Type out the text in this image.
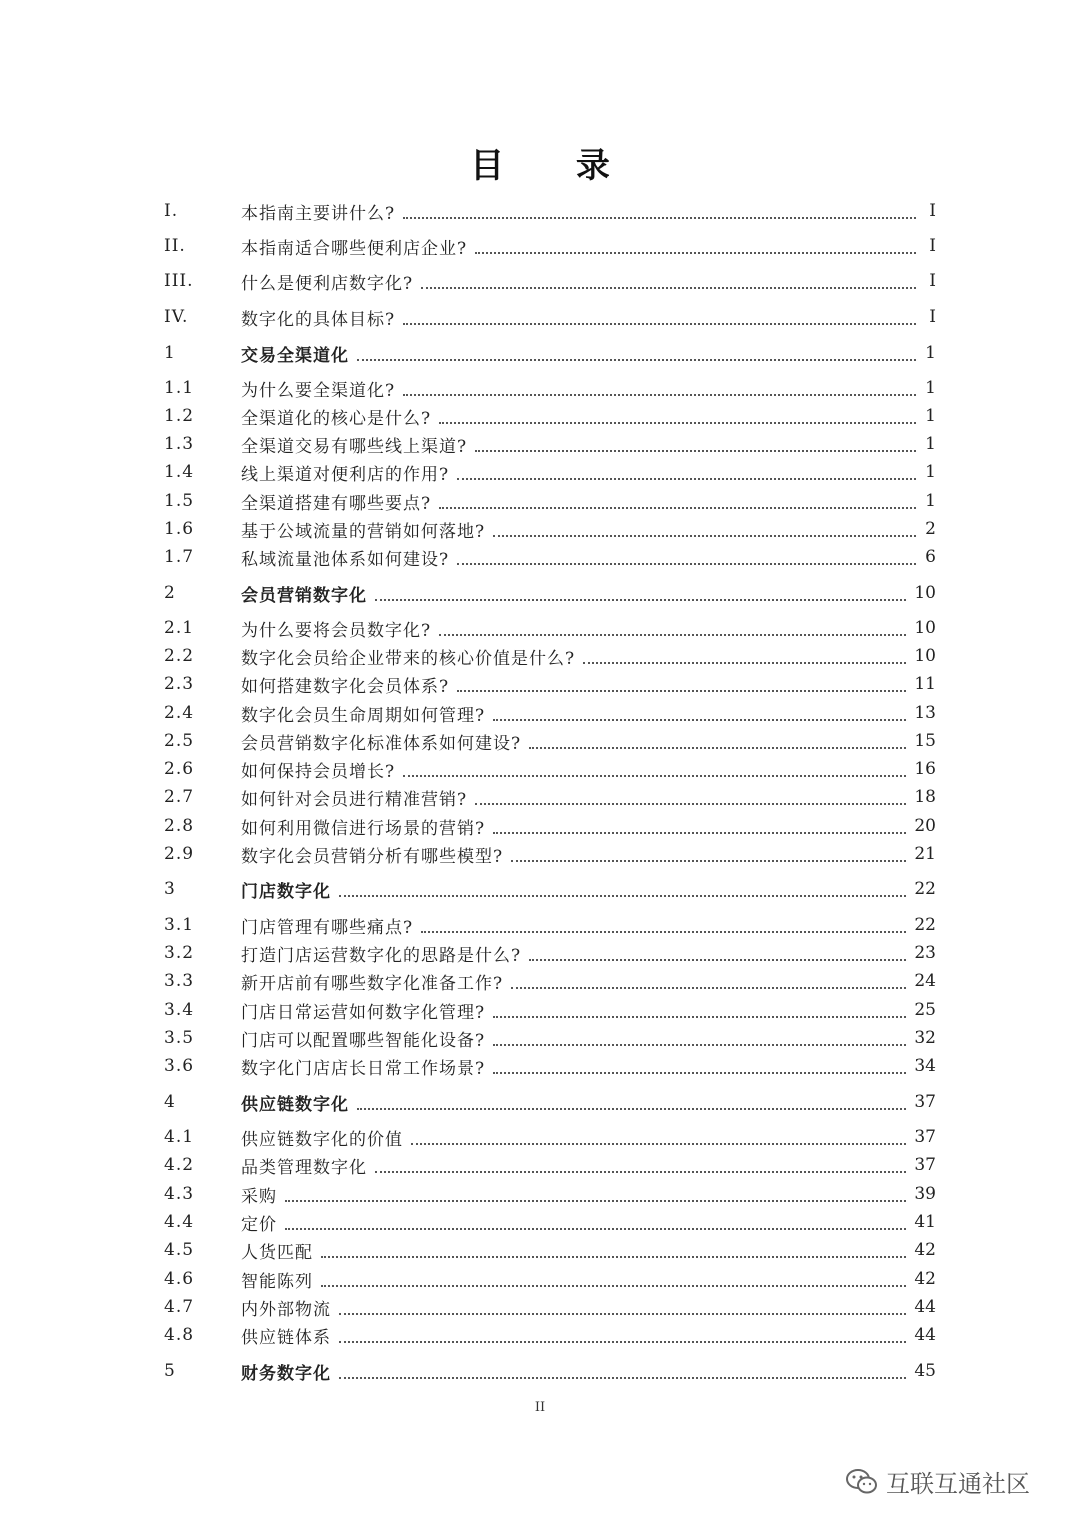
目 录
I.	本指南主要讲什么?	I
II.	本指南适合哪些便利店企业?	I
III.	什么是便利店数字化?	I
IV.	数字化的具体目标?	I
1	交易全渠道化	1
1.1	为什么要全渠道化?	1
1.2	全渠道化的核心是什么?	1
1.3	全渠道交易有哪些线上渠道?	1
1.4	线上渠道对便利店的作用?	1
1.5	全渠道搭建有哪些要点?	1
1.6	基于公域流量的营销如何落地?	2
1.7	私域流量池体系如何建设?	6
2	会员营销数字化	10
2.1	为什么要将会员数字化?	10
2.2	数字化会员给企业带来的核心价值是什么?	10
2.3	如何搭建数字化会员体系?	11
2.4	数字化会员生命周期如何管理?	13
2.5	会员营销数字化标准体系如何建设?	15
2.6	如何保持会员增长?	16
2.7	如何针对会员进行精准营销?	18
2.8	如何利用微信进行场景的营销?	20
2.9	数字化会员营销分析有哪些模型?	21
3	门店数字化	22
3.1	门店管理有哪些痛点?	22
3.2	打造门店运营数字化的思路是什么?	23
3.3	新开店前有哪些数字化准备工作?	24
3.4	门店日常运营如何数字化管理?	25
3.5	门店可以配置哪些智能化设备?	32
3.6	数字化门店店长日常工作场景?	34
4	供应链数字化	37
4.1	供应链数字化的价值	37
4.2	品类管理数字化	37
4.3	采购	39
4.4	定价	41
4.5	人货匹配	42
4.6	智能陈列	42
4.7	内外部物流	44
4.8	供应链体系	44
5	财务数字化	45
II
互联互通社区
